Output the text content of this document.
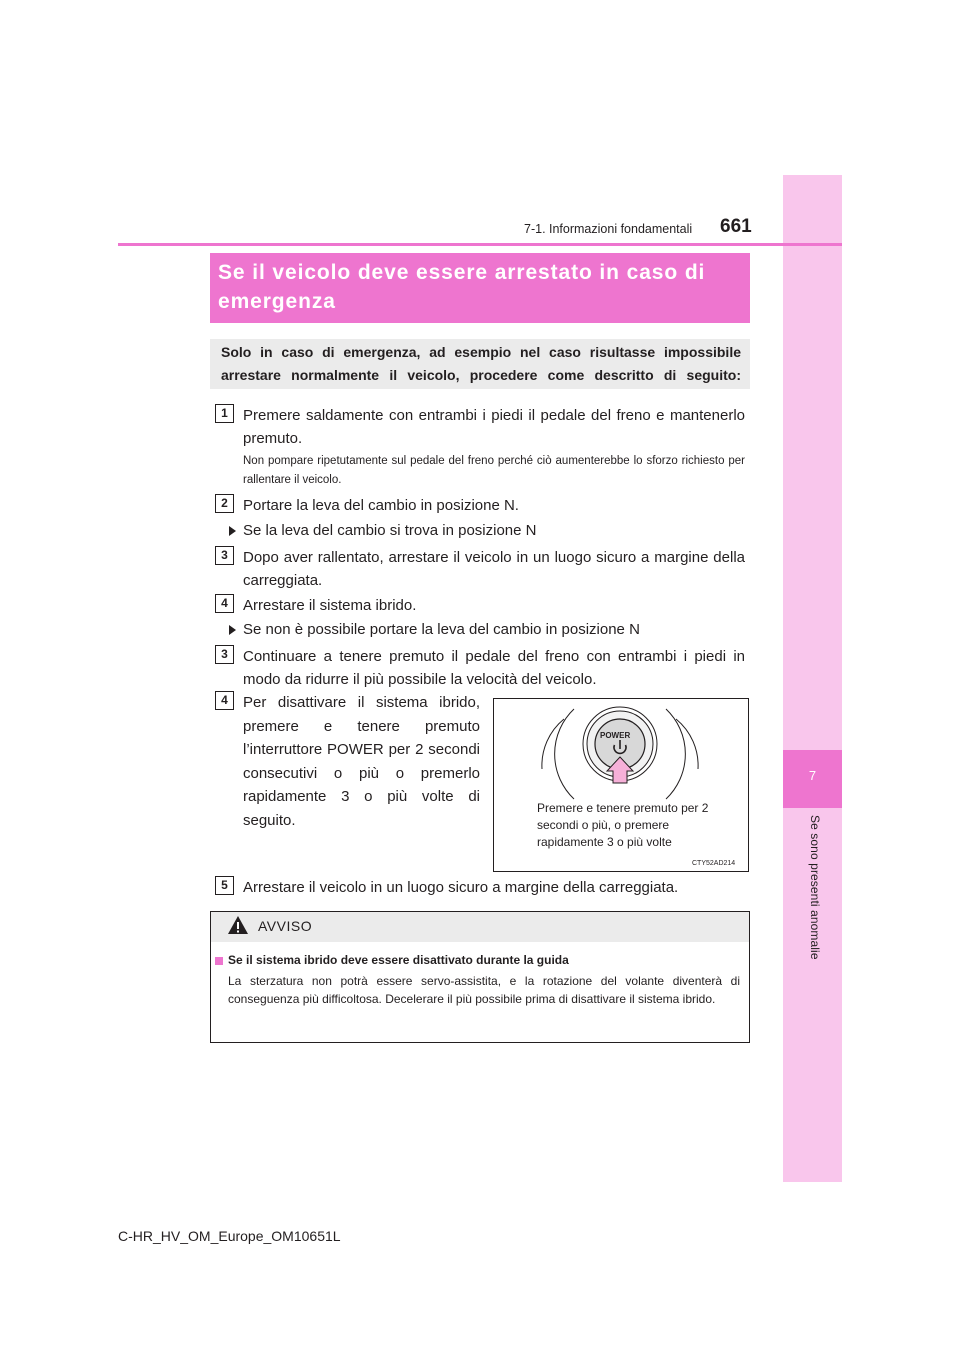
7
Se sono presenti anomalie
7-1. Informazioni fondamentali 661
Se il veicolo deve essere arrestato in caso di emergenza
Solo in caso di emergenza, ad esempio nel caso risultasse impossibile arrestare normalmente il veicolo, procedere come descritto di seguito:
1	Premere saldamente con entrambi i piedi il pedale del freno e mantenerlo premuto.
Non pompare ripetutamente sul pedale del freno perché ciò aumenterebbe lo sforzo richiesto per rallentare il veicolo.
2	Portare la leva del cambio in posizione N.
Se la leva del cambio si trova in posizione N
3	Dopo aver rallentato, arrestare il veicolo in un luogo sicuro a margine della carreggiata.
4	Arrestare il sistema ibrido.
Se non è possibile portare la leva del cambio in posizione N
3	Continuare a tenere premuto il pedale del freno con entrambi i piedi in modo da ridurre il più possibile la velocità del veicolo.
4	Per disattivare il sistema ibrido, premere e tenere premuto l’interruttore POWER per 2 secondi consecutivi o più o premerlo rapidamente 3 o più volte di seguito.
POWER
Premere e tenere premuto per 2 secondi o più, o premere rapidamente 3 o più volte
CTY52AD214
5	Arrestare il veicolo in un luogo sicuro a margine della carreggiata.
AVVISO
Se il sistema ibrido deve essere disattivato durante la guida
La sterzatura non potrà essere servo-assistita, e la rotazione del volante diventerà di conseguenza più difficoltosa. Decelerare il più possibile prima di disattivare il sistema ibrido.
C-HR_HV_OM_Europe_OM10651L
